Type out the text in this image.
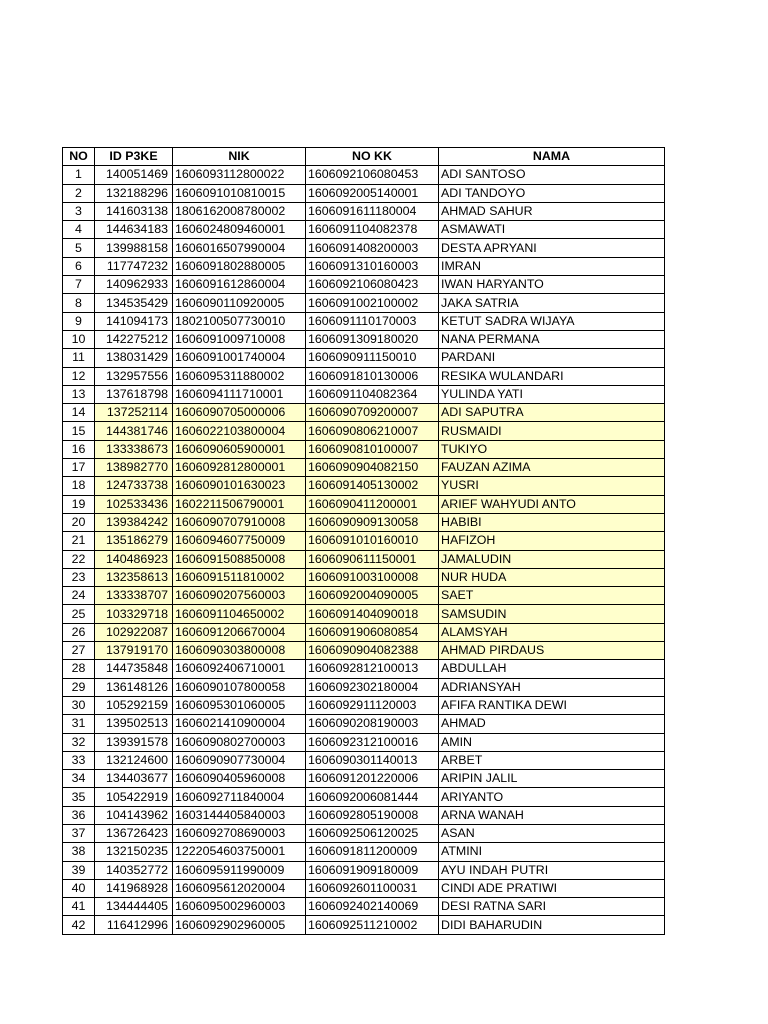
NO	ID P3KE	NIK	NO KK	NAMA
1	140051469	1606093112800022	1606092106080453	ADI SANTOSO
2	132188296	1606091010810015	1606092005140001	ADI TANDOYO
3	141603138	1806162008780002	1606091611180004	AHMAD SAHUR
4	144634183	1606024809460001	1606091104082378	ASMAWATI
5	139988158	1606016507990004	1606091408200003	DESTA APRYANI
6	117747232	1606091802880005	1606091310160003	IMRAN
7	140962933	1606091612860004	1606092106080423	IWAN HARYANTO
8	134535429	1606090110920005	1606091002100002	JAKA SATRIA
9	141094173	1802100507730010	1606091110170003	KETUT SADRA WIJAYA
10	142275212	1606091009710008	1606091309180020	NANA PERMANA
11	138031429	1606091001740004	1606090911150010	PARDANI
12	132957556	1606095311880002	1606091810130006	RESIKA WULANDARI
13	137618798	1606094111710001	1606091104082364	YULINDA YATI
14	137252114	1606090705000006	1606090709200007	ADI SAPUTRA
15	144381746	1606022103800004	1606090806210007	RUSMAIDI
16	133338673	1606090605900001	1606090810100007	TUKIYO
17	138982770	1606092812800001	1606090904082150	FAUZAN AZIMA
18	124733738	1606090101630023	1606091405130002	YUSRI
19	102533436	1602211506790001	1606090411200001	ARIEF WAHYUDI ANTO
20	139384242	1606090707910008	1606090909130058	HABIBI
21	135186279	1606094607750009	1606091010160010	HAFIZOH
22	140486923	1606091508850008	1606090611150001	JAMALUDIN
23	132358613	1606091511810002	1606091003100008	NUR HUDA
24	133338707	1606090207560003	1606092004090005	SAET
25	103329718	1606091104650002	1606091404090018	SAMSUDIN
26	102922087	1606091206670004	1606091906080854	ALAMSYAH
27	137919170	1606090303800008	1606090904082388	AHMAD PIRDAUS
28	144735848	1606092406710001	1606092812100013	ABDULLAH
29	136148126	1606090107800058	1606092302180004	ADRIANSYAH
30	105292159	1606095301060005	1606092911120003	AFIFA RANTIKA DEWI
31	139502513	1606021410900004	1606090208190003	AHMAD
32	139391578	1606090802700003	1606092312100016	AMIN
33	132124600	1606090907730004	1606090301140013	ARBET
34	134403677	1606090405960008	1606091201220006	ARIPIN JALIL
35	105422919	1606092711840004	1606092006081444	ARIYANTO
36	104143962	1603144405840003	1606092805190008	ARNA WANAH
37	136726423	1606092708690003	1606092506120025	ASAN
38	132150235	1222054603750001	1606091811200009	ATMINI
39	140352772	1606095911990009	1606091909180009	AYU INDAH PUTRI
40	141968928	1606095612020004	1606092601100031	CINDI ADE PRATIWI
41	134444405	1606095002960003	1606092402140069	DESI RATNA SARI
42	116412996	1606092902960005	1606092511210002	DIDI BAHARUDIN
